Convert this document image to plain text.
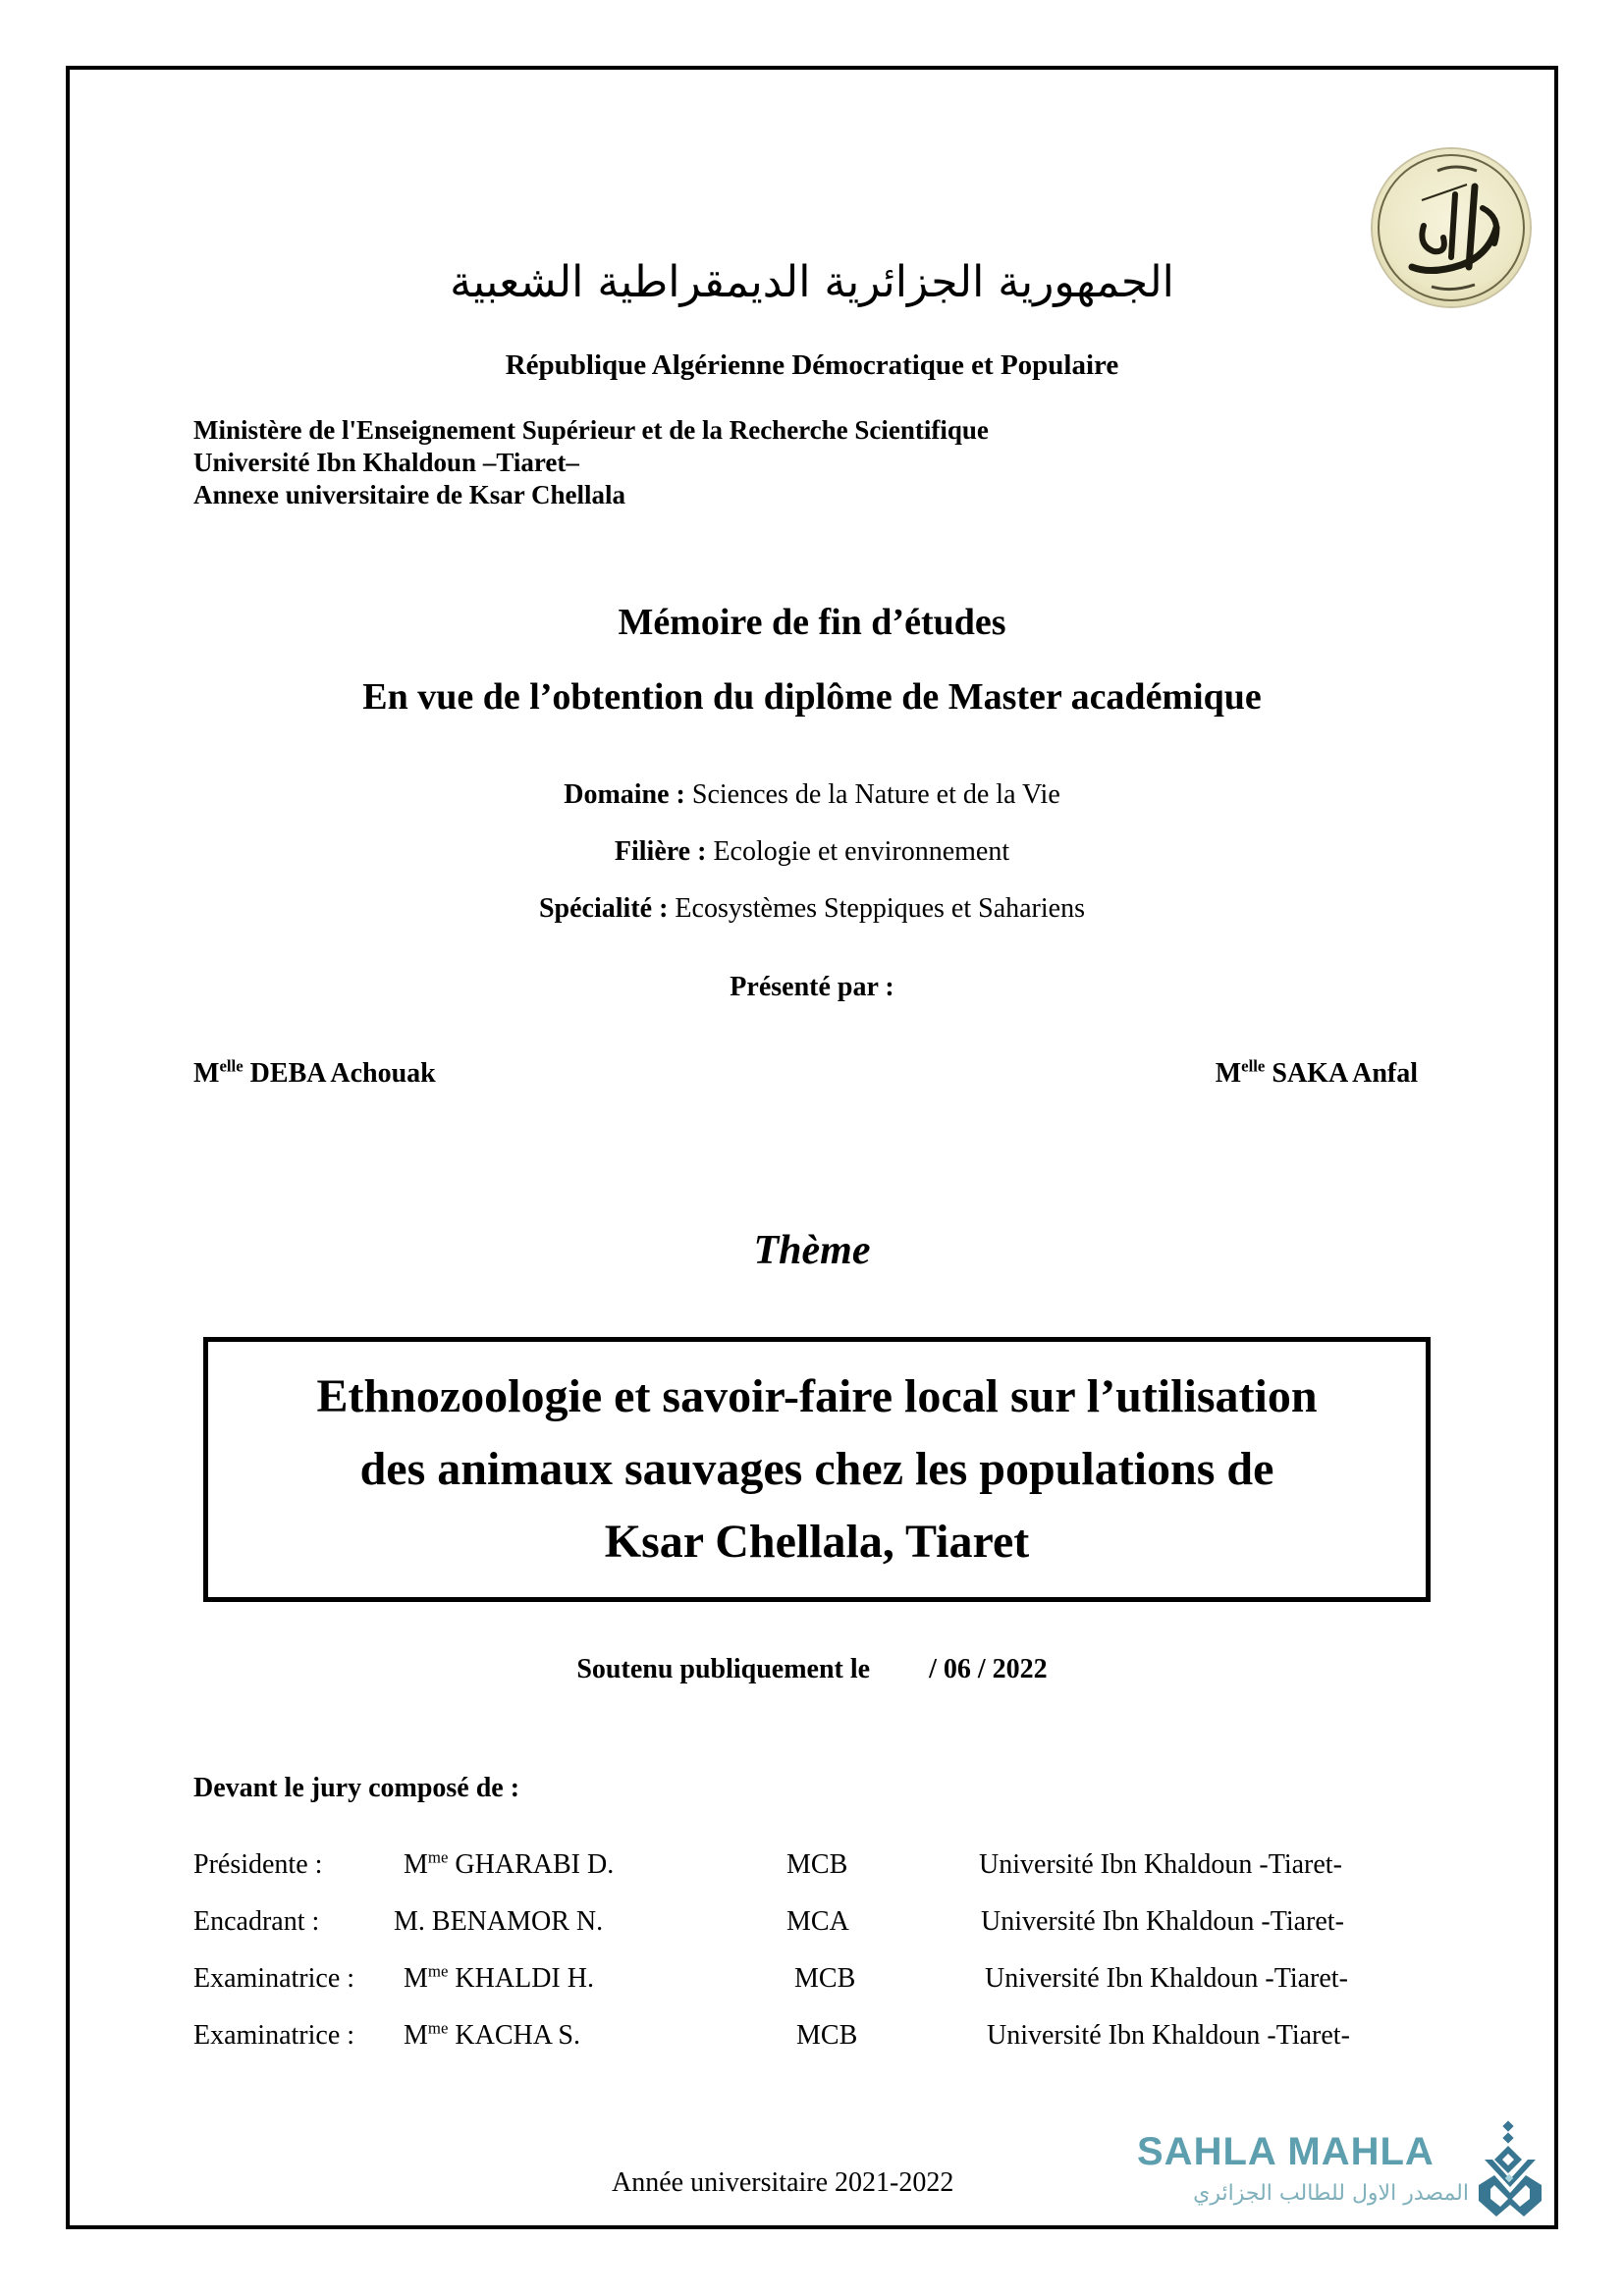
الجمهورية الجزائرية الديمقراطية الشعبية
République Algérienne Démocratique et Populaire
Ministère de l'Enseignement Supérieur et de la Recherche Scientifique
Université Ibn Khaldoun –Tiaret–
Annexe universitaire de Ksar Chellala
Mémoire de fin d’études
En vue de l’obtention du diplôme de Master académique
Domaine : Sciences de la Nature et de la Vie
Filière : Ecologie et environnement
Spécialité : Ecosystèmes Steppiques et Sahariens
Présenté par :
$M^{elle}$ DEBA Achouak	$M^{elle}$ SAKA Anfal
Thème
Ethnozoologie et savoir-faire local sur l’utilisation
des animaux sauvages chez les populations de
Ksar Chellala, Tiaret
Soutenu publiquement le / 06 / 2022
Devant le jury composé de :
Présidente :	$M^{me}$ GHARABI D.	MCB	Université Ibn Khaldoun -Tiaret-
Encadrant :	M. BENAMOR N.	MCA	Université Ibn Khaldoun -Tiaret-
Examinatrice : $M^{me}$ KHALDI H.	MCB	Université Ibn Khaldoun -Tiaret-
Examinatrice : $M^{me}$ KACHA S.	MCB	Université Ibn Khaldoun -Tiaret-
Année universitaire 2021-2022
SAHLA MAHLA
المصدر الاول للطالب الجزائري
